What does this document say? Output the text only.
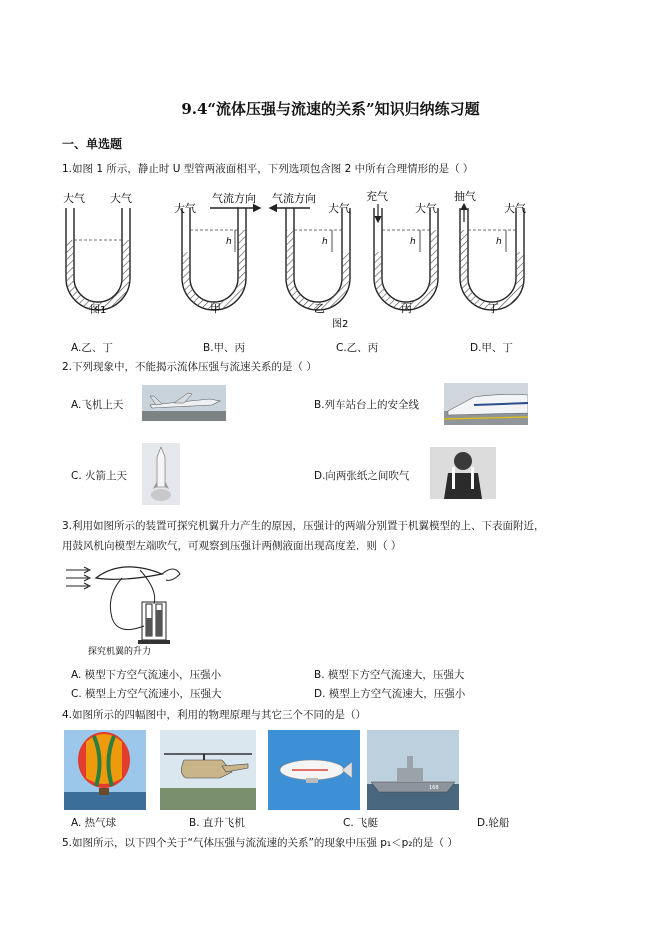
9.4“流体压强与流速的关系”知识归纳练习题
一、单选题
1.如图 1 所示，静止时 U 型管两液面相平，下列选项包含图 2 中所有合理情形的是（ ）
大气 大气
图1
h
大气
气流方向
甲
h
气流方向
大气
乙
图2
h
充气
大气
丙
h
抽气
大气
丁
A.乙、丁	B.甲、丙	C.乙、丙	D.甲、丁
2.下列现象中，不能揭示流体压强与流速关系的是（ ）
A.飞机上天	B.列车站台上的安全线
C. 火箭上天	D.向两张纸之间吹气
3.利用如图所示的装置可探究机翼升力产生的原因，压强计的两端分别置于机翼模型的上、下表面附近，
用鼓风机向模型左端吹气，可观察到压强计两侧液面出现高度差．则（ ）
探究机翼的升力
A. 模型下方空气流速小，压强小	B. 模型下方空气流速大，压强大
C. 模型上方空气流速小，压强大	D. 模型上方空气流速大，压强小
4.如图所示的四幅图中，利用的物理原理与其它三个不同的是（）
168
A. 热气球	B. 直升飞机	C. 飞艇	D.轮船
5.如图所示，以下四个关于“气体压强与流流速的关系”的现象中压强 p₁＜p₂的是（ ）
